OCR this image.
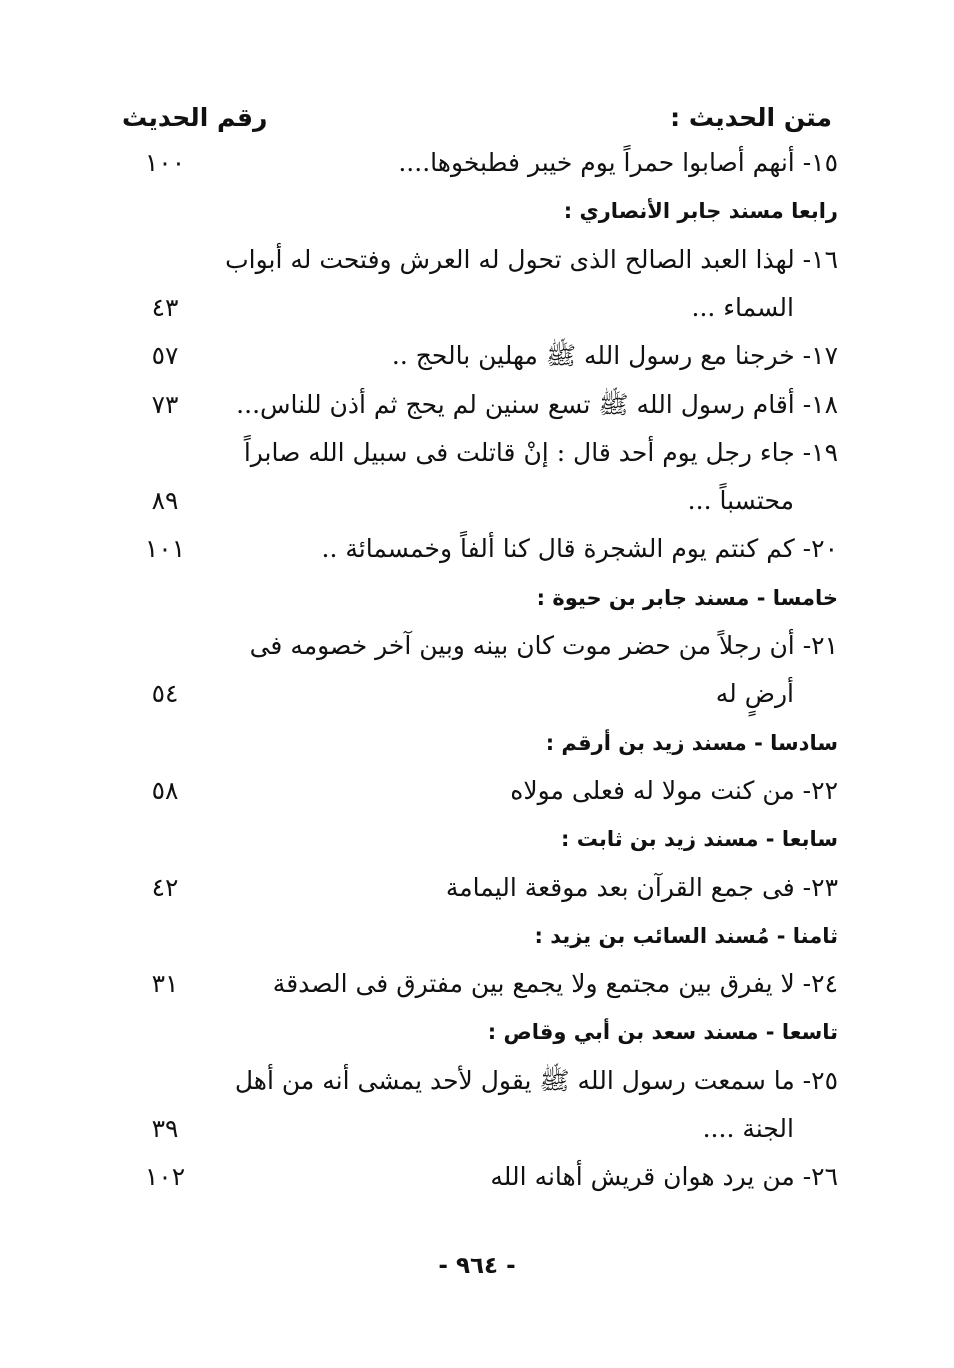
متن الحديث :
رقم الحديث
١٥- أنهم أصابوا حمراً يوم خيبر فطبخوها....
١٠٠
رابعا مسند جابر الأنصاري :
١٦- لهذا العبد الصالح الذى تحول له العرش وفتحت له أبواب
السماء ...
٤٣
١٧- خرجنا مع رسول الله ﷺ مهلين بالحج ..
٥٧
١٨- أقام رسول الله ﷺ تسع سنين لم يحج ثم أذن للناس...
٧٣
١٩- جاء رجل يوم أحد قال : إنْ قاتلت فى سبيل الله صابراً
محتسباً ...
٨٩
٢٠- كم كنتم يوم الشجرة قال كنا ألفاً وخمسمائة ..
١٠١
خامسا - مسند جابر بن حيوة :
٢١- أن رجلاً من حضر موت كان بينه وبين آخر خصومه فى
أرضٍ له
٥٤
سادسا - مسند زيد بن أرقم :
٢٢- من كنت مولا له فعلى مولاه
٥٨
سابعا - مسند زيد بن ثابت :
٢٣- فى جمع القرآن بعد موقعة اليمامة
٤٢
ثامنا - مُسند السائب بن يزيد :
٢٤- لا يفرق بين مجتمع ولا يجمع بين مفترق فى الصدقة
٣١
تاسعا - مسند سعد بن أبي وقاص :
٢٥- ما سمعت رسول الله ﷺ يقول لأحد يمشى أنه من أهل
الجنة ....
٣٩
٢٦- من يرد هوان قريش أهانه الله
١٠٢
- ٩٦٤ -
